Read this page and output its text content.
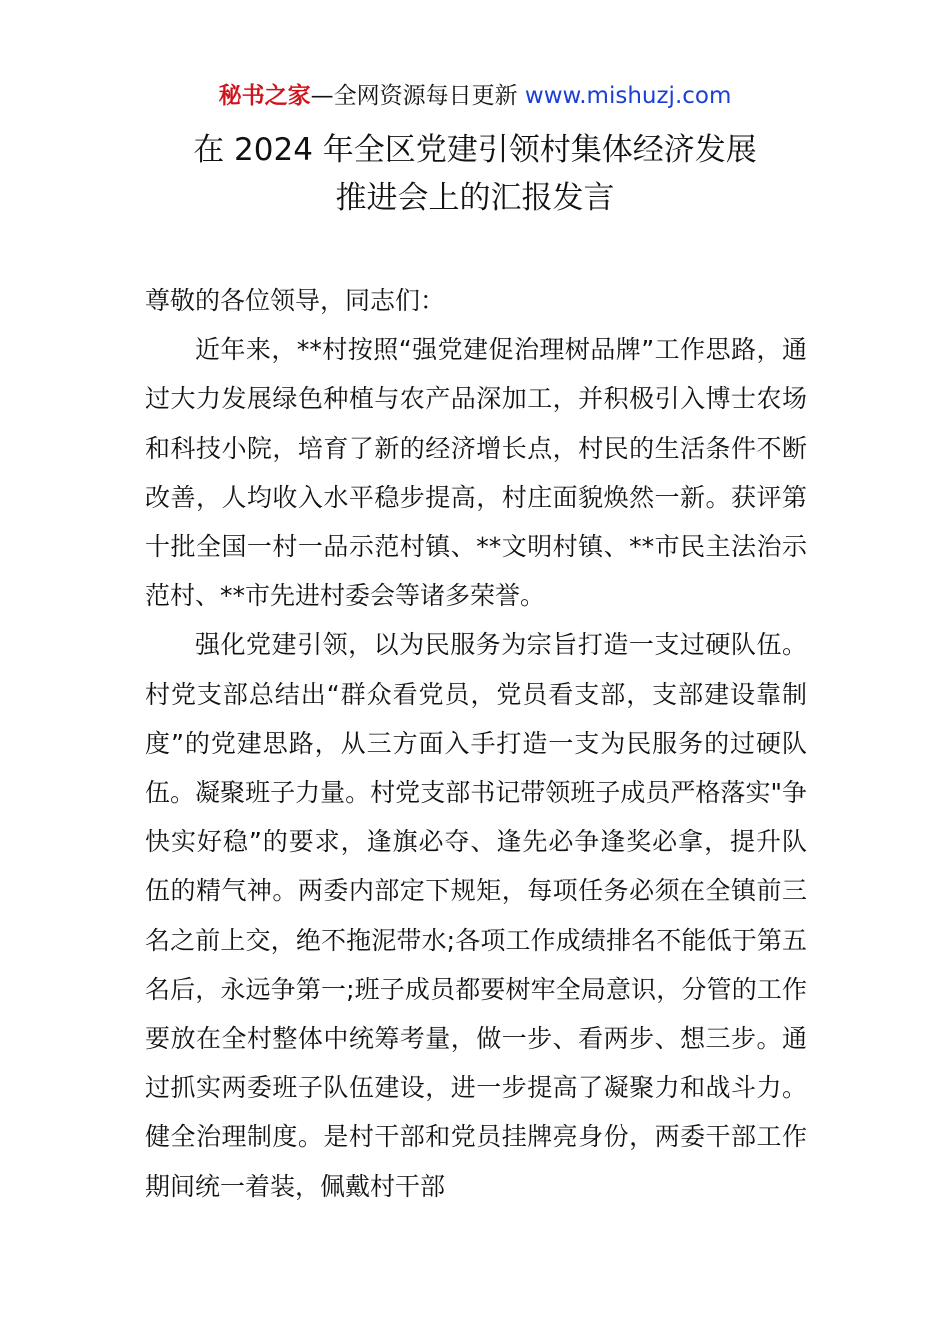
秘书之家—全网资源每日更新 www.mishuzj.com
在 2024 年全区党建引领村集体经济发展
推进会上的汇报发言

尊敬的各位领导，同志们：

近年来，**村按照“强党建促治理树品牌”工作思路，通过大力发展绿色种植与农产品深加工，并积极引入博士农场和科技小院，培育了新的经济增长点，村民的生活条件不断改善，人均收入水平稳步提高，村庄面貌焕然一新。获评第十批全国一村一品示范村镇、**文明村镇、**市民主法治示范村、**市先进村委会等诸多荣誉。

强化党建引领，以为民服务为宗旨打造一支过硬队伍。村党支部总结出“群众看党员，党员看支部，支部建设靠制度”的党建思路，从三方面入手打造一支为民服务的过硬队伍。凝聚班子力量。村党支部书记带领班子成员严格落实"争快实好稳”的要求，逢旗必夺、逢先必争逢奖必拿，提升队伍的精气神。两委内部定下规矩，每项任务必须在全镇前三名之前上交，绝不拖泥带水;各项工作成绩排名不能低于第五名后，永远争第一;班子成员都要树牢全局意识，分管的工作要放在全村整体中统筹考量，做一步、看两步、想三步。通过抓实两委班子队伍建设，进一步提高了凝聚力和战斗力。健全治理制度。是村干部和党员挂牌亮身份，两委干部工作期间统一着装，佩戴村干部
